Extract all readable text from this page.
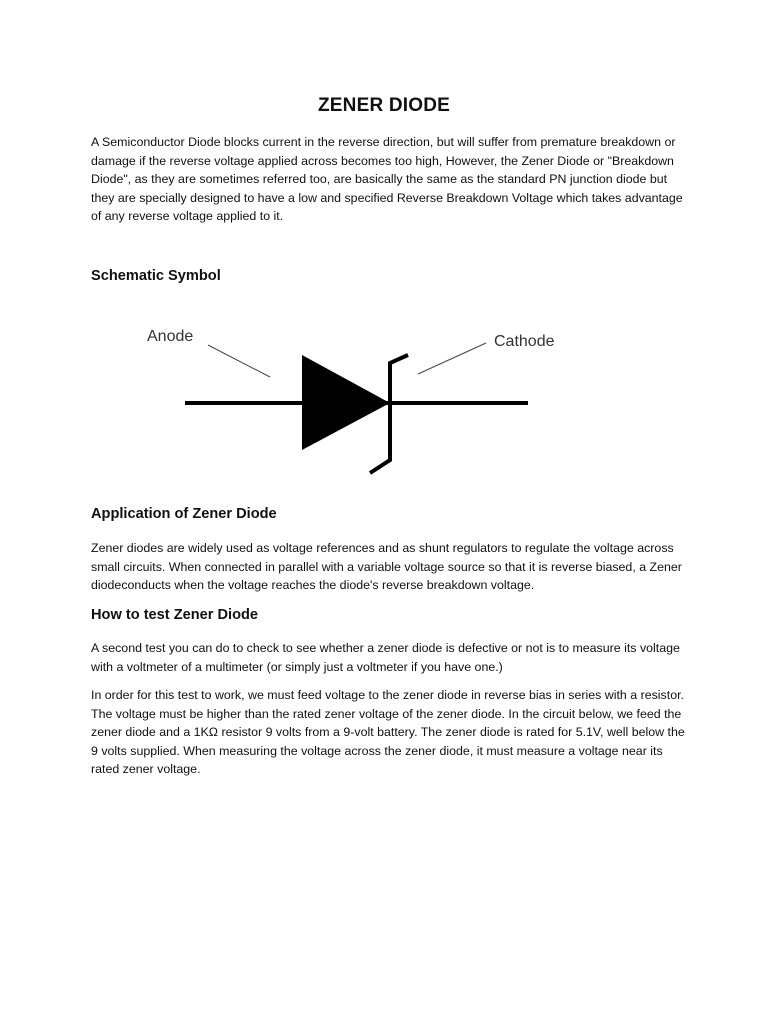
ZENER DIODE

A Semiconductor Diode blocks current in the reverse direction, but will suffer from premature breakdown or damage if the reverse voltage applied across becomes too high, However, the Zener Diode or "Breakdown Diode", as they are sometimes referred too, are basically the same as the standard PN junction diode but they are specially designed to have a low and specified Reverse Breakdown Voltage which takes advantage of any reverse voltage applied to it.

Schematic Symbol
Anode	Cathode
Application of Zener Diode

Zener diodes are widely used as voltage references and as shunt regulators to regulate the voltage across small circuits. When connected in parallel with a variable voltage source so that it is reverse biased, a Zener diodeconducts when the voltage reaches the diode's reverse breakdown voltage.

How to test Zener Diode

A second test you can do to check to see whether a zener diode is defective or not is to measure its voltage with a voltmeter of a multimeter (or simply just a voltmeter if you have one.)

In order for this test to work, we must feed voltage to the zener diode in reverse bias in series with a resistor. The voltage must be higher than the rated zener voltage of the zener diode. In the circuit below, we feed the zener diode and a 1KΩ resistor 9 volts from a 9-volt battery. The zener diode is rated for 5.1V, well below the 9 volts supplied. When measuring the voltage across the zener diode, it must measure a voltage near its rated zener voltage.
